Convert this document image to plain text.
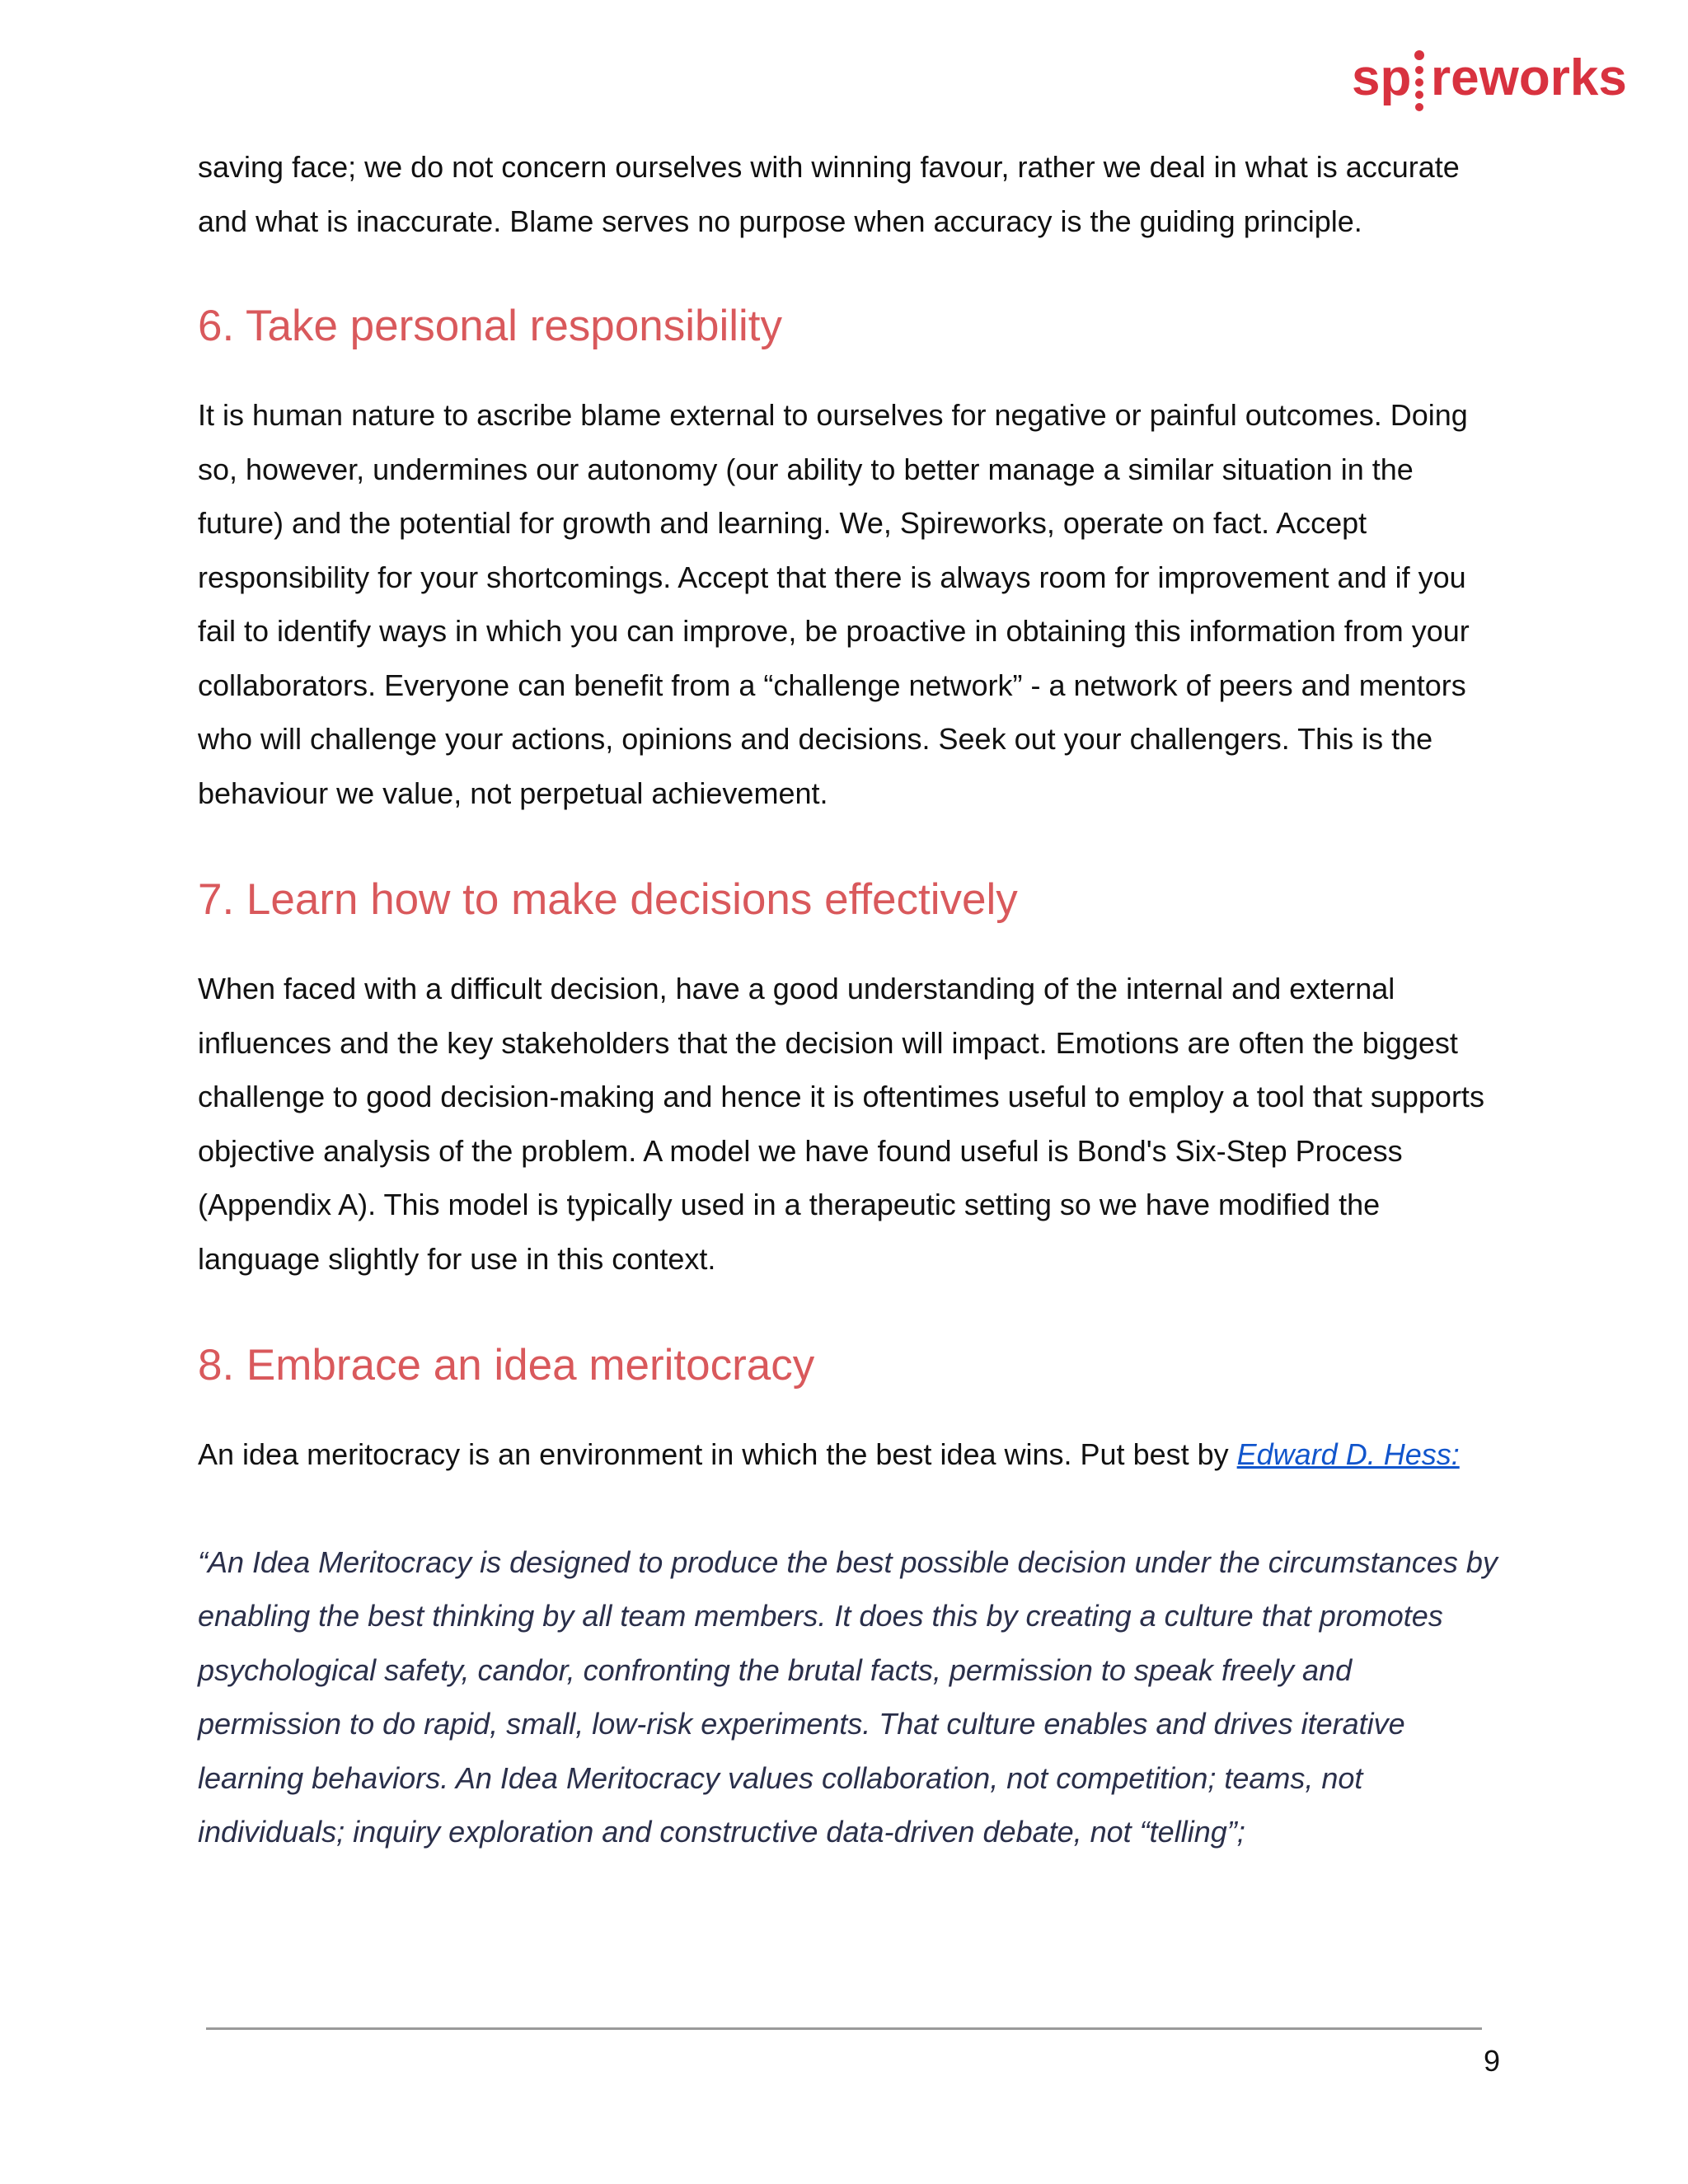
sp reworks

saving face; we do not concern ourselves with winning favour, rather we deal in what is accurate and what is inaccurate. Blame serves no purpose when accuracy is the guiding principle.

6. Take personal responsibility

It is human nature to ascribe blame external to ourselves for negative or painful outcomes. Doing so, however, undermines our autonomy (our ability to better manage a similar situation in the future) and the potential for growth and learning. We, Spireworks, operate on fact. Accept responsibility for your shortcomings. Accept that there is always room for improvement and if you fail to identify ways in which you can improve, be proactive in obtaining this information from your collaborators. Everyone can benefit from a “challenge network” - a network of peers and mentors who will challenge your actions, opinions and decisions. Seek out your challengers. This is the behaviour we value, not perpetual achievement.

7. Learn how to make decisions effectively

When faced with a difficult decision, have a good understanding of the internal and external influences and the key stakeholders that the decision will impact. Emotions are often the biggest challenge to good decision-making and hence it is oftentimes useful to employ a tool that supports objective analysis of the problem. A model we have found useful is Bond's Six-Step Process (Appendix A). This model is typically used in a therapeutic setting so we have modified the language slightly for use in this context.

8. Embrace an idea meritocracy

An idea meritocracy is an environment in which the best idea wins. Put best by Edward D. Hess:

“An Idea Meritocracy is designed to produce the best possible decision under the circumstances by enabling the best thinking by all team members. It does this by creating a culture that promotes psychological safety, candor, confronting the brutal facts, permission to speak freely and permission to do rapid, small, low-risk experiments. That culture enables and drives iterative learning behaviors. An Idea Meritocracy values collaboration, not competition; teams, not individuals; inquiry exploration and constructive data-driven debate, not “telling”;

9
